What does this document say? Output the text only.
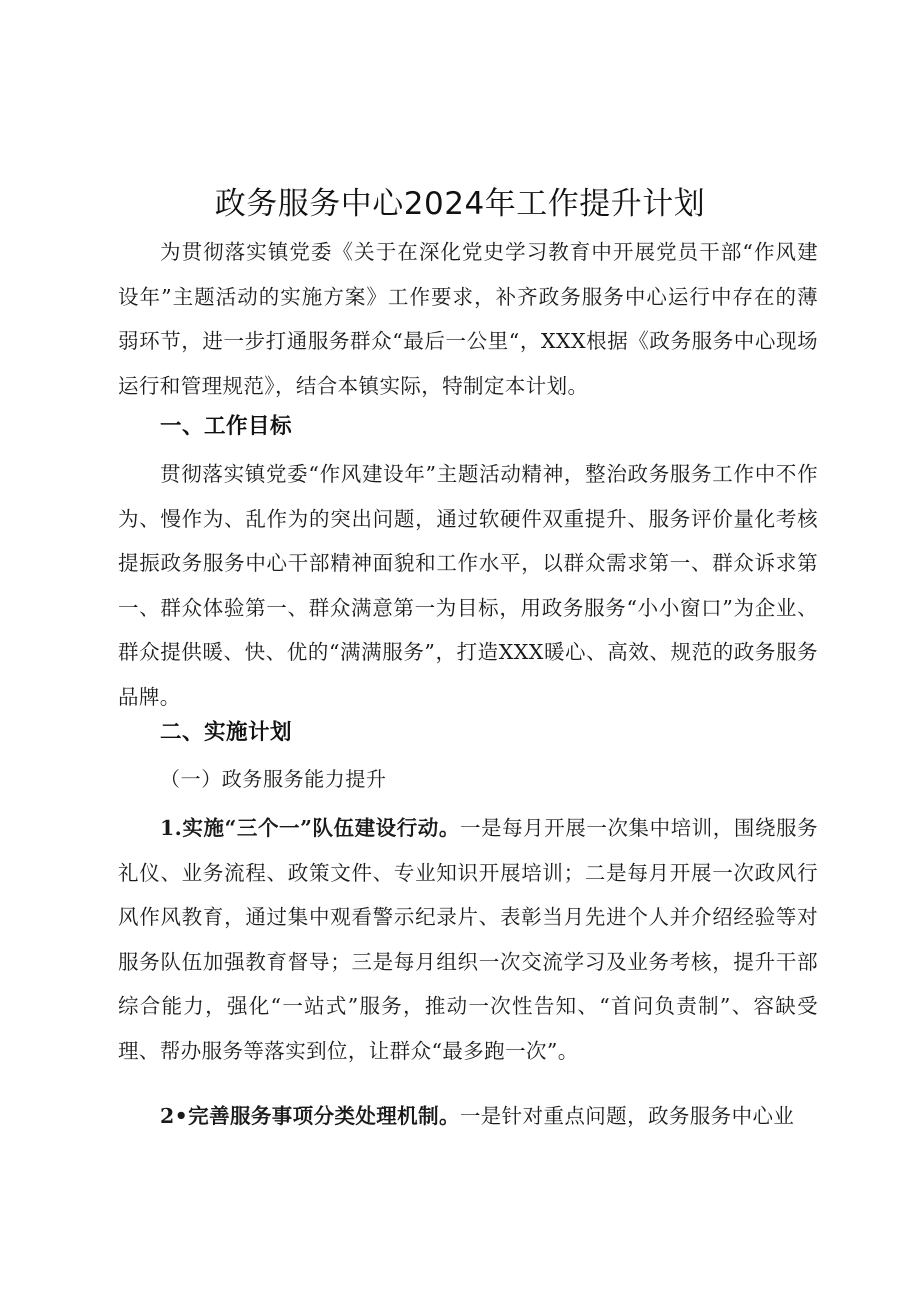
政务服务中心2024年工作提升计划

为贯彻落实镇党委《关于在深化党史学习教育中开展党员干部“作风建设年”主题活动的实施方案》工作要求，补齐政务服务中心运行中存在的薄弱环节，进一步打通服务群众“最后一公里“，XXX根据《政务服务中心现场运行和管理规范》，结合本镇实际，特制定本计划。

一、工作目标

贯彻落实镇党委“作风建设年”主题活动精神，整治政务服务工作中不作为、慢作为、乱作为的突出问题，通过软硬件双重提升、服务评价量化考核提振政务服务中心干部精神面貌和工作水平，以群众需求第一、群众诉求第一、群众体验第一、群众满意第一为目标，用政务服务“小小窗口”为企业、群众提供暖、快、优的“满满服务”，打造XXX暖心、高效、规范的政务服务品牌。

二、实施计划

（一）政务服务能力提升

1.实施“三个一”队伍建设行动。一是每月开展一次集中培训，围绕服务礼仪、业务流程、政策文件、专业知识开展培训；二是每月开展一次政风行风作风教育，通过集中观看警示纪录片、表彰当月先进个人并介绍经验等对服务队伍加强教育督导；三是每月组织一次交流学习及业务考核，提升干部综合能力，强化“一站式”服务，推动一次性告知、“首问负责制”、容缺受理、帮办服务等落实到位，让群众“最多跑一次”。

2•完善服务事项分类处理机制。一是针对重点问题，政务服务中心业
